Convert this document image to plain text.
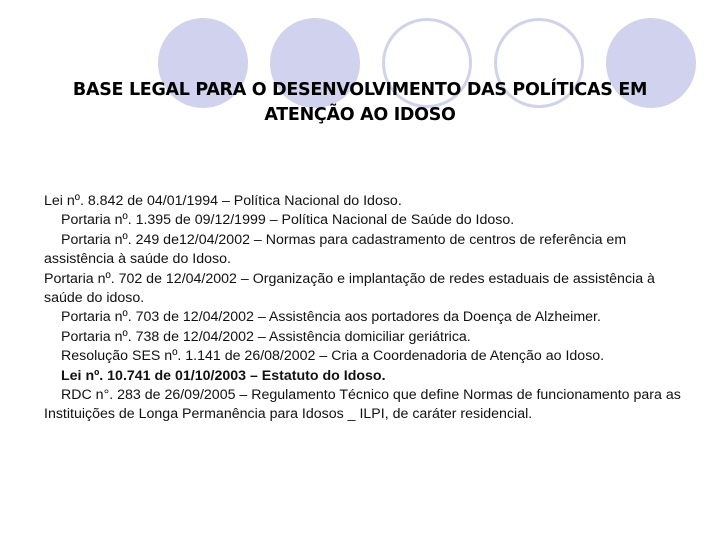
BASE LEGAL PARA O DESENVOLVIMENTO DAS POLÍTICAS EM
ATENÇÃO AO IDOSO

Lei nº. 8.842 de 04/01/1994 – Política Nacional do Idoso.

Portaria nº. 1.395 de 09/12/1999 – Política Nacional de Saúde do Idoso.

Portaria nº. 249 de12/04/2002 – Normas para cadastramento de centros de referência em assistência à saúde do Idoso.

Portaria nº. 702 de 12/04/2002 – Organização e implantação de redes estaduais de assistência à saúde do idoso.

Portaria nº. 703 de 12/04/2002 – Assistência aos portadores da Doença de Alzheimer.

Portaria nº. 738 de 12/04/2002 – Assistência domiciliar geriátrica.

Resolução SES nº. 1.141 de 26/08/2002 – Cria a Coordenadoria de Atenção ao Idoso.

Lei nº. 10.741 de 01/10/2003 – Estatuto do Idoso.

RDC n°. 283 de 26/09/2005 – Regulamento Técnico que define Normas de funcionamento para as Instituições de Longa Permanência para Idosos _ ILPI, de caráter residencial.
